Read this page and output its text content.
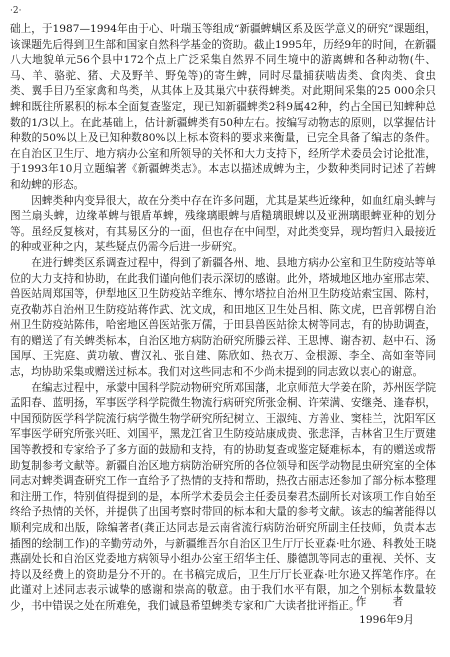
·2·

础上，于1987—1994年由于心、叶瑞玉等组成“新疆蜱螨区系及医学意义的研究”课题组，该课题先后得到卫生部和国家自然科学基金的资助。截止1995年，历经9年的时间，在新疆八大地貌单元56个县中172个点上广泛采集自然界不同生境中的游离蜱和各种动物(牛、马、羊、骆驼、猪、犬及野羊、野兔等)的寄生蜱，同时尽量捕获啮齿类、食肉类、食虫类、翼手目乃至家禽和鸟类，从其体上及其巢穴中获得蜱类。对此期间采集的25 000余只蜱和既往所累积的标本全面复查鉴定，现已知新疆蜱类2科9属42种，约占全国已知蜱种总数的1/3以上。在此基础上，估计新疆蜱类有50种左右。按编写动物志的原则，以掌握估计种数的50%以上及已知种数80%以上标本资料的要求来衡量，已完全具备了编志的条件。在自治区卫生厅、地方病办公室和所领导的关怀和大力支持下，经所学术委员会讨论批准，于1993年10月立题编著《新疆蜱类志》。本志以描述成蜱为主，少数种类同时记述了若蜱和幼蜱的形态。

因蜱类种内变异很大，故在分类中存在许多问题，尤其是某些近缘种，如血红扇头蜱与图兰扇头蜱，边缘革蜱与银盾革蜱，残缘璃眼蜱与盾糙璃眼蜱以及亚洲璃眼蜱亚种的划分等。虽经反复核对，有其易区分的一面，但也存在中间型，对此类变异，现均暂归入最接近的种或亚种之内，某些疑点仍需今后进一步研究。

在进行蜱类区系调查过程中，得到了新疆各州、地、县地方病办公室和卫生防疫站等单位的大力支持和协助，在此我们谨向他们表示深切的感谢。此外，塔城地区地办室邢志荣、兽医站周郑国等，伊犁地区卫生防疫站辛维东、博尔塔拉自治州卫生防疫站索宝国、陈村，克孜勒苏自治州卫生防疫站蒋作武、沈文成，和田地区卫生处吕相、陈文虎，巴音郭楞自治州卫生防疫站陈伟，哈密地区兽医站张万儒，于田县兽医站徐太树等同志，有的协助调查，有的赠送了有关蜱类标本，自治区地方病防治研究所滕云祥、王思博、谢杏初、赵中石、汤国厚、王宪庭、黄功敏、曹汉礼、张自建、陈欣如、热衣万、金根源、李全、高如奎等同志，均协助采集或赠送过标本。我们对这些同志和不少尚未提到的同志致以衷心的谢意。

在编志过程中，承蒙中国科学院动物研究所邓国藩，北京师范大学姜在阶，苏州医学院孟阳春、蓝明扬，军事医学科学院微生物流行病研究所张金桐、许荣满、安继尧、逢春枳，中国预防医学科学院流行病学微生物学研究所纪树立、王淑纯、方善业、窦桂兰，沈阳军区军事医学研究所张兴旺、刘国平，黑龙江省卫生防疫站康成贵、张悲泽，吉林省卫生厅贾建国等教授和专家给予了多方面的鼓励和支持，有的协助复查或鉴定疑难标本，有的赠送或帮助复制参考文献等。新疆自治区地方病防治研究所的各位领导和医学动物昆虫研究室的全体同志对蜱类调查研究工作一直给予了热情的支持和帮助，热孜古丽志还参加了部分标本整理和注册工作，特别值得提到的是，本所学术委员会主任委员秦君杰副所长对该项工作自始至终给予热情的关怀，并提供了出国考察时带回的标本和大量的参考文献。该志的编著能得以顺利完成和出版，除编著者(龚正达同志是云南省流行病防治研究所副主任技师，负责本志插图的绘制工作)的辛勤劳动外，与新疆维吾尔自治区卫生厅厅长亚森·吐尔逊、科教处王晓燕副处长和自治区党委地方病领导小组办公室王绍华主任、滕德凯等同志的重视、关怀、支持以及经费上的资助是分不开的。在书稿完成后，卫生厅厅长亚森·吐尔逊又挥笔作序。在此谨对上述同志表示诚挚的感谢和崇高的敬意。由于我们水平有限，加之个别标本数量较少，书中错误之处在所难免，我们诚恳希望蜱类专家和广大读者批评指正。

作者
1996年9月
